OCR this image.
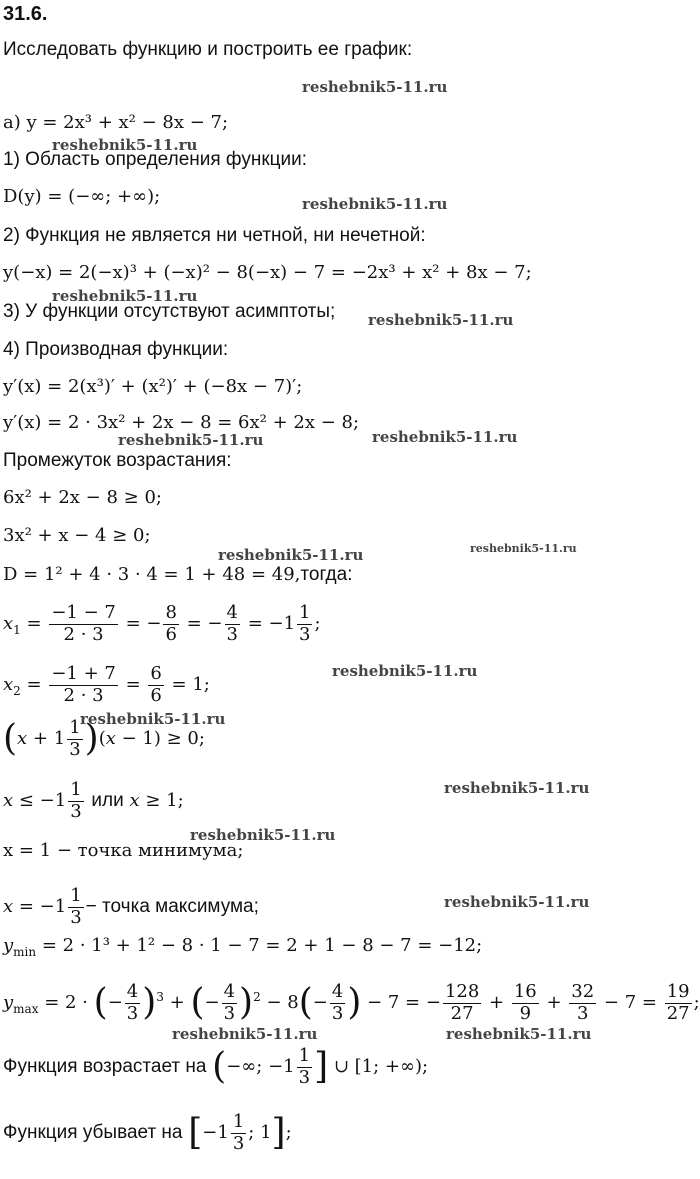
31.6.
Исследовать функцию и построить ее график:
reshebnik5-11.ru
reshebnik5-11.ru
reshebnik5-11.ru
reshebnik5-11.ru
reshebnik5-11.ru
reshebnik5-11.ru	reshebnik5-11.ru
reshebnik5-11.ru	reshebnik5-11.ru
reshebnik5-11.ru
reshebnik5-11.ru
reshebnik5-11.ru
reshebnik5-11.ru
reshebnik5-11.ru
reshebnik5-11.ru	reshebnik5-11.ru
а) y = 2x³ + x² − 8x − 7;
1) Область определения функции:
D(y) = (−∞; +∞);
2) Функция не является ни четной, ни нечетной:
y(−x) = 2(−x)³ + (−x)² − 8(−x) − 7 = −2x³ + x² + 8x − 7;
3) У функции отсутствуют асимптоты;
4) Производная функции:
y′(x) = 2(x³)′ + (x²)′ + (−8x − 7)′;
y′(x) = 2 · 3x² + 2x − 8 = 6x² + 2x − 8;
Промежуток возрастания:
6x² + 2x − 8 ≥ 0;
3x² + x − 4 ≥ 0;
D = 1² + 4 · 3 · 4 = 1 + 48 = 49,тогда:
$x_1 = \frac{-1 - 7}{2 \cdot 3}$ = − $\frac{8}{6}$ = − $\frac{4}{3} = -1 \frac{1}{3}$ ;
$x_2 = \frac{-1 + 7}{2 \cdot 3} = \frac{6}{6} = 1$;
$(x + 1 \frac{1}{3} )(x - 1) \ge 0$;
$x \le -1 \frac{1}{3}$ или x ≥ 1;
x = 1 − точка минимума;
$x = -1 \frac{1}{3}$ − точка максимума;
$y_{min} = 2 \cdot 1^3 + 1^2 - 8 \cdot 1 - 7 = 2 + 1 - 8 - 7 = -12$;
$y_{max} = 2$ · (− $\frac{4}{3} )^3$ + (− $\frac{4}{3} )^2 - 8(- \frac{4}{3}$ ) − 7 = − $\frac{128}{27} + \frac{16}{9} + \frac{32}{3} - 7 = \frac{19}{27}$ ;
Функция возрастает на (−∞; $-1 \frac{1}{3}$ ] ∪ [1; +∞);
Функция убывает на [$-1 \frac{1}{3}$ ; 1];
